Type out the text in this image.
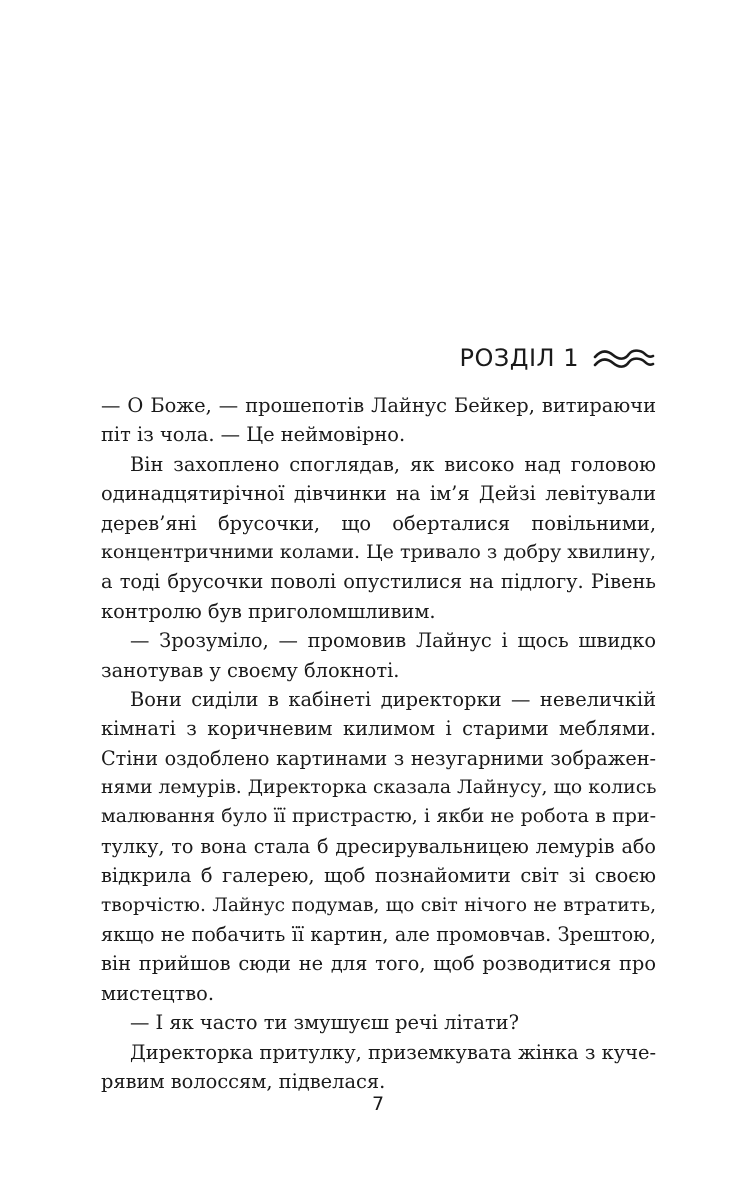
РОЗДІЛ 1
— О Боже, — прошепотів Лайнус Бейкер, витираючи
піт із чола. — Це неймовірно.
Він захоплено споглядав, як високо над головою
одинадцятирічної дівчинки на ім’я Дейзі левітували
дерев’яні брусочки, що оберталися повільними,
концентричними колами. Це тривало з добру хвилину,
а тоді брусочки поволі опустилися на підлогу. Рівень
контролю був приголомшливим.
— Зрозуміло, — промовив Лайнус і щось швидко
занотував у своєму блокноті.
Вони сиділи в кабінеті директорки — невеличкій
кімнаті з коричневим килимом і старими меблями.
Стіни оздоблено картинами з незугарними зображен-
нями лемурів. Директорка сказала Лайнусу, що колись
малювання було її пристрастю, і якби не робота в при-
тулку, то вона стала б дресирувальницею лемурів або
відкрила б галерею, щоб познайомити світ зі своєю
творчістю. Лайнус подумав, що світ нічого не втратить,
якщо не побачить її картин, але промовчав. Зрештою,
він прийшов сюди не для того, щоб розводитися про
мистецтво.
— І як часто ти змушуєш речі літати?
Директорка притулку, приземкувата жінка з куче-
рявим волоссям, підвелася.
7
